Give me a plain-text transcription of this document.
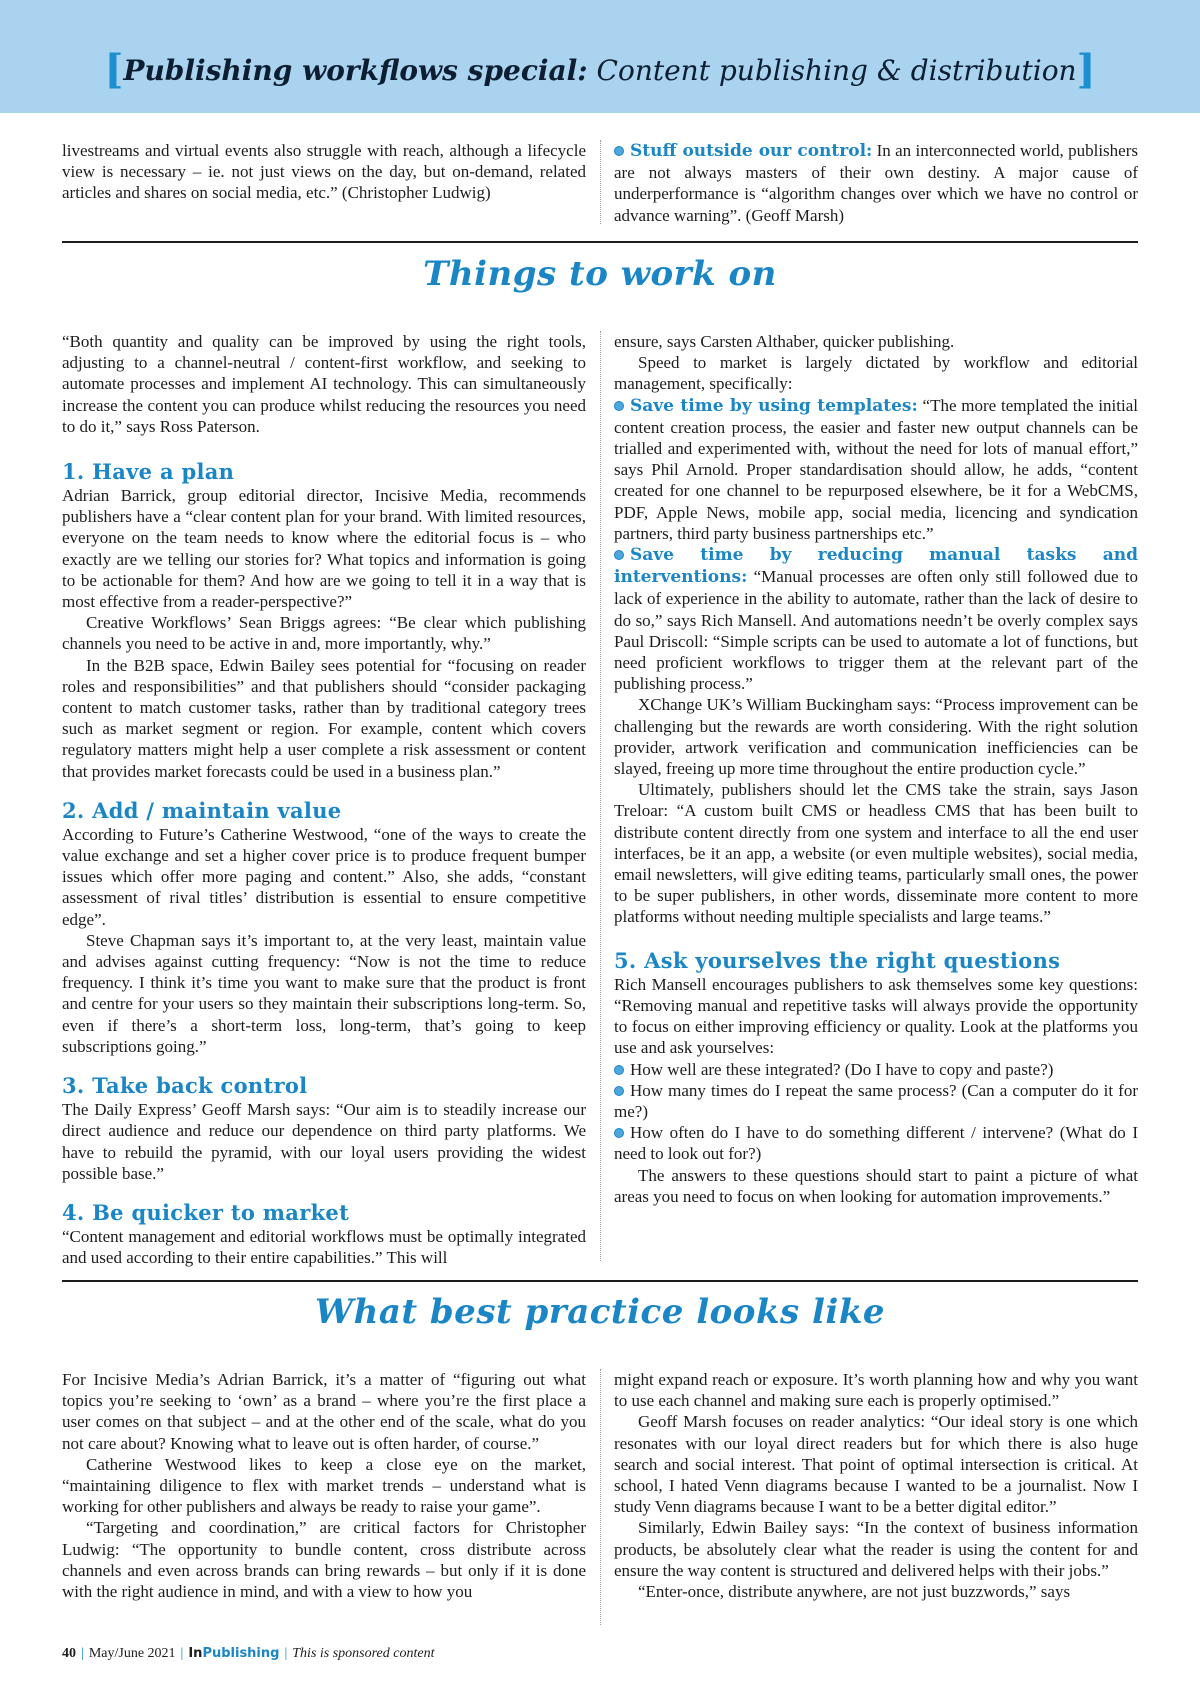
[Publishing workflows special: Content publishing & distribution]

livestreams and virtual events also struggle with reach, although a lifecycle view is necessary – ie. not just views on the day, but on-demand, related articles and shares on social media, etc.” (Christopher Ludwig)

Stuff outside our control: In an interconnected world, publishers are not always masters of their own destiny. A major cause of underperformance is “algorithm changes over which we have no control or advance warning”. (Geoff Marsh)

Things to work on

“Both quantity and quality can be improved by using the right tools, adjusting to a channel-neutral / content-first workflow, and seeking to automate processes and implement AI technology. This can simultaneously increase the content you can produce whilst reducing the resources you need to do it,” says Ross Paterson.

1. Have a plan

Adrian Barrick, group editorial director, Incisive Media, recommends publishers have a “clear content plan for your brand. With limited resources, everyone on the team needs to know where the editorial focus is – who exactly are we telling our stories for? What topics and information is going to be actionable for them? And how are we going to tell it in a way that is most effective from a reader-perspective?”

Creative Workflows’ Sean Briggs agrees: “Be clear which publishing channels you need to be active in and, more importantly, why.”

In the B2B space, Edwin Bailey sees potential for “focusing on reader roles and responsibilities” and that publishers should “consider packaging content to match customer tasks, rather than by traditional category trees such as market segment or region. For example, content which covers regulatory matters might help a user complete a risk assessment or content that provides market forecasts could be used in a business plan.”

2. Add / maintain value

According to Future’s Catherine Westwood, “one of the ways to create the value exchange and set a higher cover price is to produce frequent bumper issues which offer more paging and content.” Also, she adds, “constant assessment of rival titles’ distribution is essential to ensure competitive edge”.

Steve Chapman says it’s important to, at the very least, maintain value and advises against cutting frequency: “Now is not the time to reduce frequency. I think it’s time you want to make sure that the product is front and centre for your users so they maintain their subscriptions long-term. So, even if there’s a short-term loss, long-term, that’s going to keep subscriptions going.”

3. Take back control

The Daily Express’ Geoff Marsh says: “Our aim is to steadily increase our direct audience and reduce our dependence on third party platforms. We have to rebuild the pyramid, with our loyal users providing the widest possible base.”

4. Be quicker to market

“Content management and editorial workflows must be optimally integrated and used according to their entire capabilities.” This will

ensure, says Carsten Althaber, quicker publishing.

Speed to market is largely dictated by workflow and editorial management, specifically:

Save time by using templates: “The more templated the initial content creation process, the easier and faster new output channels can be trialled and experimented with, without the need for lots of manual effort,” says Phil Arnold. Proper standardisation should allow, he adds, “content created for one channel to be repurposed elsewhere, be it for a WebCMS, PDF, Apple News, mobile app, social media, licencing and syndication partners, third party business partnerships etc.”

Save time by reducing manual tasks and interventions: “Manual processes are often only still followed due to lack of experience in the ability to automate, rather than the lack of desire to do so,” says Rich Mansell. And automations needn’t be overly complex says Paul Driscoll: “Simple scripts can be used to automate a lot of functions, but need proficient workflows to trigger them at the relevant part of the publishing process.”

XChange UK’s William Buckingham says: “Process improvement can be challenging but the rewards are worth considering. With the right solution provider, artwork verification and communication inefficiencies can be slayed, freeing up more time throughout the entire production cycle.”

Ultimately, publishers should let the CMS take the strain, says Jason Treloar: “A custom built CMS or headless CMS that has been built to distribute content directly from one system and interface to all the end user interfaces, be it an app, a website (or even multiple websites), social media, email newsletters, will give editing teams, particularly small ones, the power to be super publishers, in other words, disseminate more content to more platforms without needing multiple specialists and large teams.”

5. Ask yourselves the right questions

Rich Mansell encourages publishers to ask themselves some key questions: “Removing manual and repetitive tasks will always provide the opportunity to focus on either improving efficiency or quality. Look at the platforms you use and ask yourselves:

How well are these integrated? (Do I have to copy and paste?)

How many times do I repeat the same process? (Can a computer do it for me?)

How often do I have to do something different / intervene? (What do I need to look out for?)

The answers to these questions should start to paint a picture of what areas you need to focus on when looking for automation improvements.”

What best practice looks like

For Incisive Media’s Adrian Barrick, it’s a matter of “figuring out what topics you’re seeking to ‘own’ as a brand – where you’re the first place a user comes on that subject – and at the other end of the scale, what do you not care about? Knowing what to leave out is often harder, of course.”

Catherine Westwood likes to keep a close eye on the market, “maintaining diligence to flex with market trends – understand what is working for other publishers and always be ready to raise your game”.

“Targeting and coordination,” are critical factors for Christopher Ludwig: “The opportunity to bundle content, cross distribute across channels and even across brands can bring rewards – but only if it is done with the right audience in mind, and with a view to how you

might expand reach or exposure. It’s worth planning how and why you want to use each channel and making sure each is properly optimised.”

Geoff Marsh focuses on reader analytics: “Our ideal story is one which resonates with our loyal direct readers but for which there is also huge search and social interest. That point of optimal intersection is critical. At school, I hated Venn diagrams because I wanted to be a journalist. Now I study Venn diagrams because I want to be a better digital editor.”

Similarly, Edwin Bailey says: “In the context of business information products, be absolutely clear what the reader is using the content for and ensure the way content is structured and delivered helps with their jobs.”

“Enter-once, distribute anywhere, are not just buzzwords,” says

40 | May/June 2021 | InPublishing | This is sponsored content
